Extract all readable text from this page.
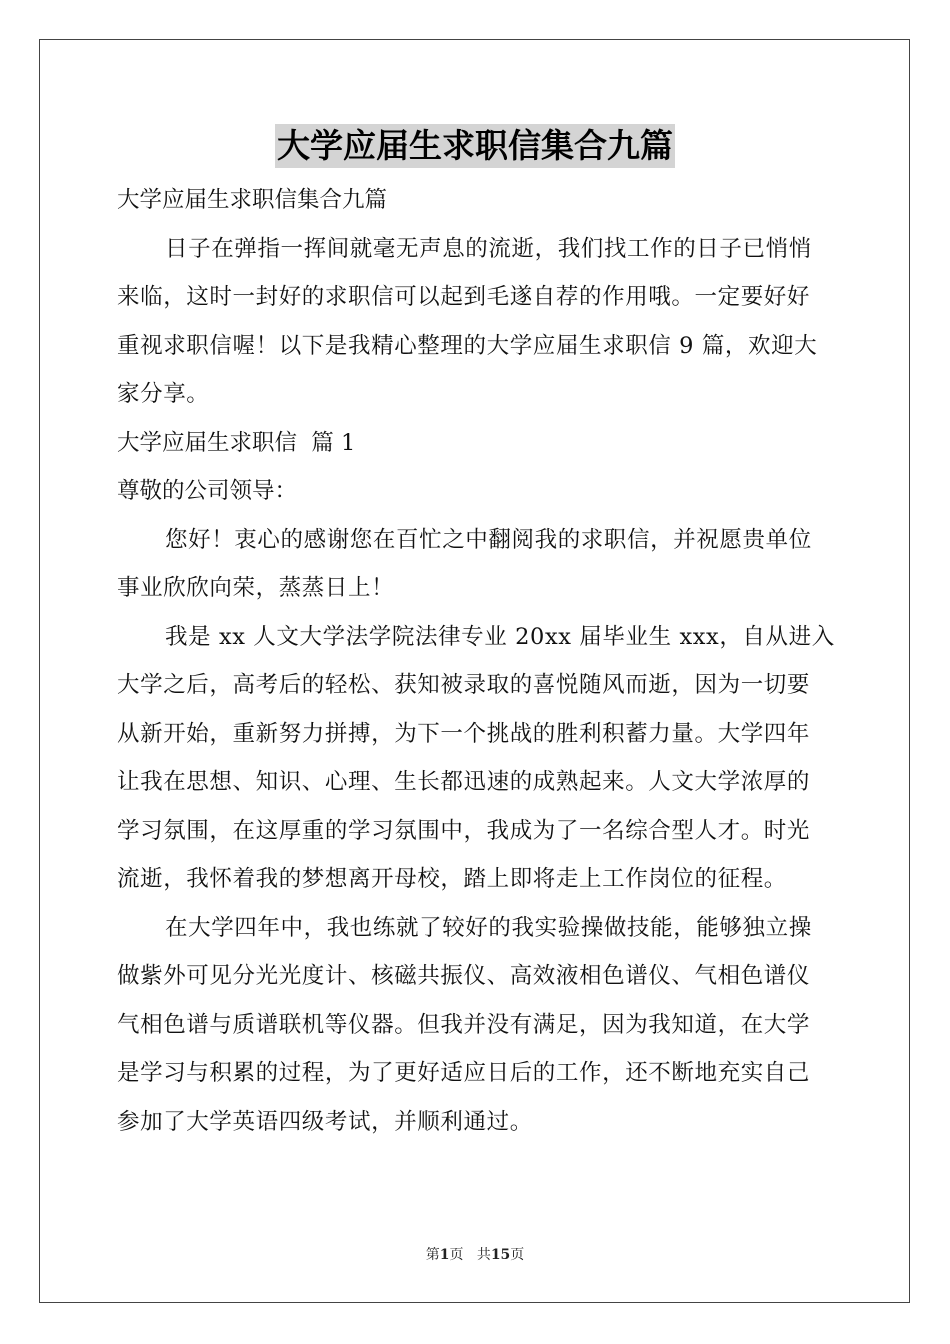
大学应届生求职信集合九篇
大学应届生求职信集合九篇
日子在弹指一挥间就毫无声息的流逝，我们找工作的日子已悄悄
来临，这时一封好的求职信可以起到毛遂自荐的作用哦。一定要好好
重视求职信喔！以下是我精心整理的大学应届生求职信 9 篇，欢迎大
家分享。
大学应届生求职信  篇 1
尊敬的公司领导：
您好！衷心的感谢您在百忙之中翻阅我的求职信，并祝愿贵单位
事业欣欣向荣，蒸蒸日上！
我是 xx 人文大学法学院法律专业 20xx 届毕业生 xxx，自从进入
大学之后，高考后的轻松、获知被录取的喜悦随风而逝，因为一切要
从新开始，重新努力拼搏，为下一个挑战的胜利积蓄力量。大学四年
让我在思想、知识、心理、生长都迅速的成熟起来。人文大学浓厚的
学习氛围，在这厚重的学习氛围中，我成为了一名综合型人才。时光
流逝，我怀着我的梦想离开母校，踏上即将走上工作岗位的征程。
在大学四年中，我也练就了较好的我实验操做技能，能够独立操
做紫外可见分光光度计、核磁共振仪、高效液相色谱仪、气相色谱仪
气相色谱与质谱联机等仪器。但我并没有满足，因为我知道，在大学
是学习与积累的过程，为了更好适应日后的工作，还不断地充实自己
参加了大学英语四级考试，并顺利通过。
第1页 共15页
